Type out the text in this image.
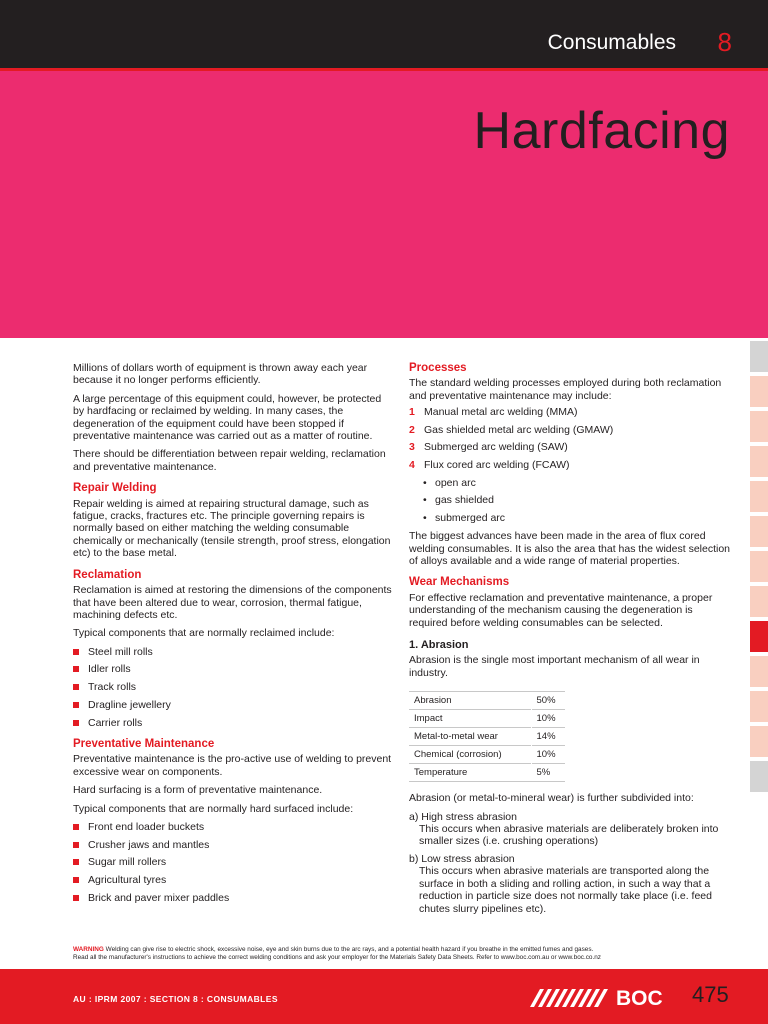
Consumables 8
Hardfacing

Millions of dollars worth of equipment is thrown away each year because it no longer performs efficiently.

A large percentage of this equipment could, however, be protected by hardfacing or reclaimed by welding. In many cases, the degeneration of the equipment could have been stopped if preventative maintenance was carried out as a matter of routine.

There should be differentiation between repair welding, reclamation and preventative maintenance.

Repair Welding

Repair welding is aimed at repairing structural damage, such as fatigue, cracks, fractures etc. The principle governing repairs is normally based on either matching the welding consumable chemically or mechanically (tensile strength, proof stress, elongation etc) to the base metal.

Reclamation

Reclamation is aimed at restoring the dimensions of the components that have been altered due to wear, corrosion, thermal fatigue, machining defects etc.

Typical components that are normally reclaimed include:

Steel mill rolls
Idler rolls
Track rolls
Dragline jewellery
Carrier rolls
Preventative Maintenance

Preventative maintenance is the pro-active use of welding to prevent excessive wear on components.

Hard surfacing is a form of preventative maintenance.

Typical components that are normally hard surfaced include:

Front end loader buckets
Crusher jaws and mantles
Sugar mill rollers
Agricultural tyres
Brick and paver mixer paddles
Processes

The standard welding processes employed during both reclamation and preventative maintenance may include:

1 Manual metal arc welding (MMA)
2 Gas shielded metal arc welding (GMAW)
3 Submerged arc welding (SAW)
4 Flux cored arc welding (FCAW)
• open arc
• gas shielded
• submerged arc

The biggest advances have been made in the area of flux cored welding consumables. It is also the area that has the widest selection of alloys available and a wide range of material properties.

Wear Mechanisms

For effective reclamation and preventative maintenance, a proper understanding of the mechanism causing the degeneration is required before welding consumables can be selected.

1. Abrasion

Abrasion is the single most important mechanism of all wear in industry.

Abrasion	50%
Impact	10%
Metal-to-metal wear	14%
Chemical (corrosion)	10%
Temperature	5%

Abrasion (or metal-to-mineral wear) is further subdivided into:

a) High stress abrasion
This occurs when abrasive materials are deliberately broken into smaller sizes (i.e. crushing operations)
b) Low stress abrasion
This occurs when abrasive materials are transported along the surface in both a sliding and rolling action, in such a way that a reduction in particle size does not normally take place (i.e. feed chutes slurry pipelines etc).
WARNING Welding can give rise to electric shock, excessive noise, eye and skin burns due to the arc rays, and a potential health hazard if you breathe in the emitted fumes and gases.
Read all the manufacturer's instructions to achieve the correct welding conditions and ask your employer for the Materials Safety Data Sheets. Refer to www.boc.com.au or www.boc.co.nz
AU : IPRM 2007 : SECTION 8 : CONSUMABLES	BOC 475
